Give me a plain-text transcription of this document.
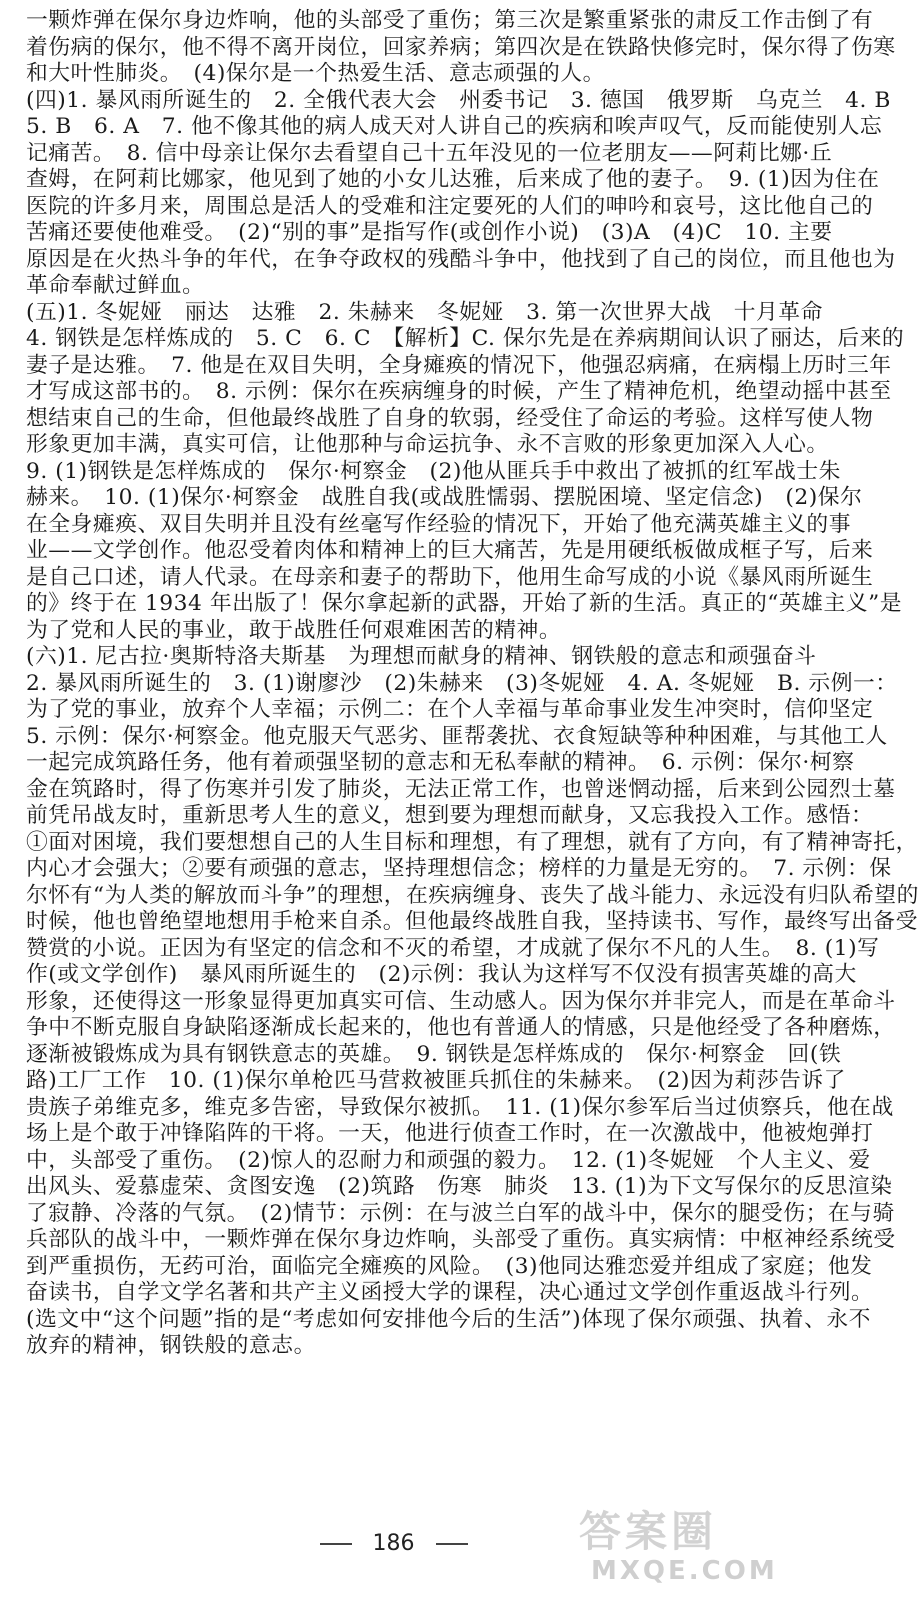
一颗炸弹在保尔身边炸响，他的头部受了重伤；第三次是繁重紧张的肃反工作击倒了有
着伤病的保尔，他不得不离开岗位，回家养病；第四次是在铁路快修完时，保尔得了伤寒
和大叶性肺炎。　(4)保尔是一个热爱生活、意志顽强的人。
(四)1. 暴风雨所诞生的　2. 全俄代表大会　州委书记　3. 德国　俄罗斯　乌克兰　4. B
5. B　6. A　7. 他不像其他的病人成天对人讲自己的疾病和唉声叹气，反而能使别人忘
记痛苦。　8. 信中母亲让保尔去看望自己十五年没见的一位老朋友——阿莉比娜·丘
查姆，在阿莉比娜家，他见到了她的小女儿达雅，后来成了他的妻子。　9. (1)因为住在
医院的许多月来，周围总是活人的受难和注定要死的人们的呻吟和哀号，这比他自己的
苦痛还要使他难受。　(2)“别的事”是指写作(或创作小说)　(3)A　(4)C　10. 主要
原因是在火热斗争的年代，在争夺政权的残酷斗争中，他找到了自己的岗位，而且他也为
革命奉献过鲜血。
(五)1. 冬妮娅　丽达　达雅　2. 朱赫来　冬妮娅　3. 第一次世界大战　十月革命
4. 钢铁是怎样炼成的　5. C　6. C　【解析】C. 保尔先是在养病期间认识了丽达，后来的
妻子是达雅。　7. 他是在双目失明，全身瘫痪的情况下，他强忍病痛，在病榻上历时三年
才写成这部书的。　8. 示例：保尔在疾病缠身的时候，产生了精神危机，绝望动摇中甚至
想结束自己的生命，但他最终战胜了自身的软弱，经受住了命运的考验。这样写使人物
形象更加丰满，真实可信，让他那种与命运抗争、永不言败的形象更加深入人心。
9. (1)钢铁是怎样炼成的　保尔·柯察金　(2)他从匪兵手中救出了被抓的红军战士朱
赫来。　10. (1)保尔·柯察金　战胜自我(或战胜懦弱、摆脱困境、坚定信念)　(2)保尔
在全身瘫痪、双目失明并且没有丝毫写作经验的情况下，开始了他充满英雄主义的事
业——文学创作。他忍受着肉体和精神上的巨大痛苦，先是用硬纸板做成框子写，后来
是自己口述，请人代录。在母亲和妻子的帮助下，他用生命写成的小说《暴风雨所诞生
的》终于在 1934 年出版了！保尔拿起新的武器，开始了新的生活。真正的“英雄主义”是
为了党和人民的事业，敢于战胜任何艰难困苦的精神。
(六)1. 尼古拉·奥斯特洛夫斯基　为理想而献身的精神、钢铁般的意志和顽强奋斗
2. 暴风雨所诞生的　3. (1)谢廖沙　(2)朱赫来　(3)冬妮娅　4. A. 冬妮娅　B. 示例一：
为了党的事业，放弃个人幸福；示例二：在个人幸福与革命事业发生冲突时，信仰坚定
5. 示例：保尔·柯察金。他克服天气恶劣、匪帮袭扰、衣食短缺等种种困难，与其他工人
一起完成筑路任务，他有着顽强坚韧的意志和无私奉献的精神。　6. 示例：保尔·柯察
金在筑路时，得了伤寒并引发了肺炎，无法正常工作，也曾迷惘动摇，后来到公园烈士墓
前凭吊战友时，重新思考人生的意义，想到要为理想而献身，又忘我投入工作。感悟：
①面对困境，我们要想想自己的人生目标和理想，有了理想，就有了方向，有了精神寄托，
内心才会强大；②要有顽强的意志，坚持理想信念；榜样的力量是无穷的。　7. 示例：保
尔怀有“为人类的解放而斗争”的理想，在疾病缠身、丧失了战斗能力、永远没有归队希望的
时候，他也曾绝望地想用手枪来自杀。但他最终战胜自我，坚持读书、写作，最终写出备受
赞赏的小说。正因为有坚定的信念和不灭的希望，才成就了保尔不凡的人生。　8. (1)写
作(或文学创作)　暴风雨所诞生的　(2)示例：我认为这样写不仅没有损害英雄的高大
形象，还使得这一形象显得更加真实可信、生动感人。因为保尔并非完人，而是在革命斗
争中不断克服自身缺陷逐渐成长起来的，他也有普通人的情感，只是他经受了各种磨炼，
逐渐被锻炼成为具有钢铁意志的英雄。　9. 钢铁是怎样炼成的　保尔·柯察金　回(铁
路)工厂工作　10. (1)保尔单枪匹马营救被匪兵抓住的朱赫来。　(2)因为莉莎告诉了
贵族子弟维克多，维克多告密，导致保尔被抓。　11. (1)保尔参军后当过侦察兵，他在战
场上是个敢于冲锋陷阵的干将。一天，他进行侦查工作时，在一次激战中，他被炮弹打
中，头部受了重伤。　(2)惊人的忍耐力和顽强的毅力。　12. (1)冬妮娅　个人主义、爱
出风头、爱慕虚荣、贪图安逸　(2)筑路　伤寒　肺炎　13. (1)为下文写保尔的反思渲染
了寂静、冷落的气氛。　(2)情节：示例：在与波兰白军的战斗中，保尔的腿受伤；在与骑
兵部队的战斗中，一颗炸弹在保尔身边炸响，头部受了重伤。真实病情：中枢神经系统受
到严重损伤，无药可治，面临完全瘫痪的风险。　(3)他同达雅恋爱并组成了家庭；他发
奋读书，自学文学名著和共产主义函授大学的课程，决心通过文学创作重返战斗行列。
(选文中“这个问题”指的是“考虑如何安排他今后的生活”)体现了保尔顽强、执着、永不
放弃的精神，钢铁般的意志。
186	答案圈
MXQE.COM
